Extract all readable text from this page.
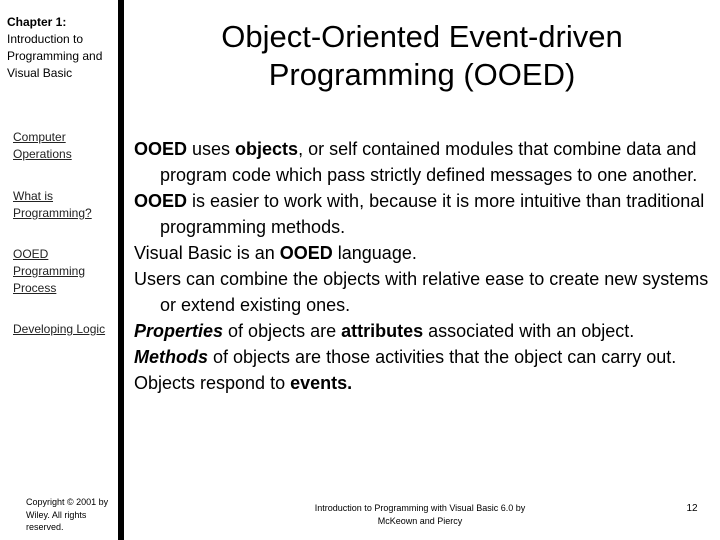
Chapter 1:
Introduction to Programming and Visual Basic
Computer Operations
What is Programming?
OOED Programming Process
Developing Logic
Copyright © 2001 by Wiley. All rights reserved.
Object-Oriented Event-driven Programming (OOED)

OOED uses objects, or self contained modules that combine data and program code which pass strictly defined messages to one another.

OOED is easier to work with, because it is more intuitive than traditional programming methods.

Visual Basic is an OOED language.

Users can combine the objects with relative ease to create new systems or extend existing ones.

Properties of objects are attributes associated with an object.

Methods of objects are those activities that the object can carry out.

Objects respond to events.

Introduction to Programming with Visual Basic 6.0 by McKeown and Piercy
12
